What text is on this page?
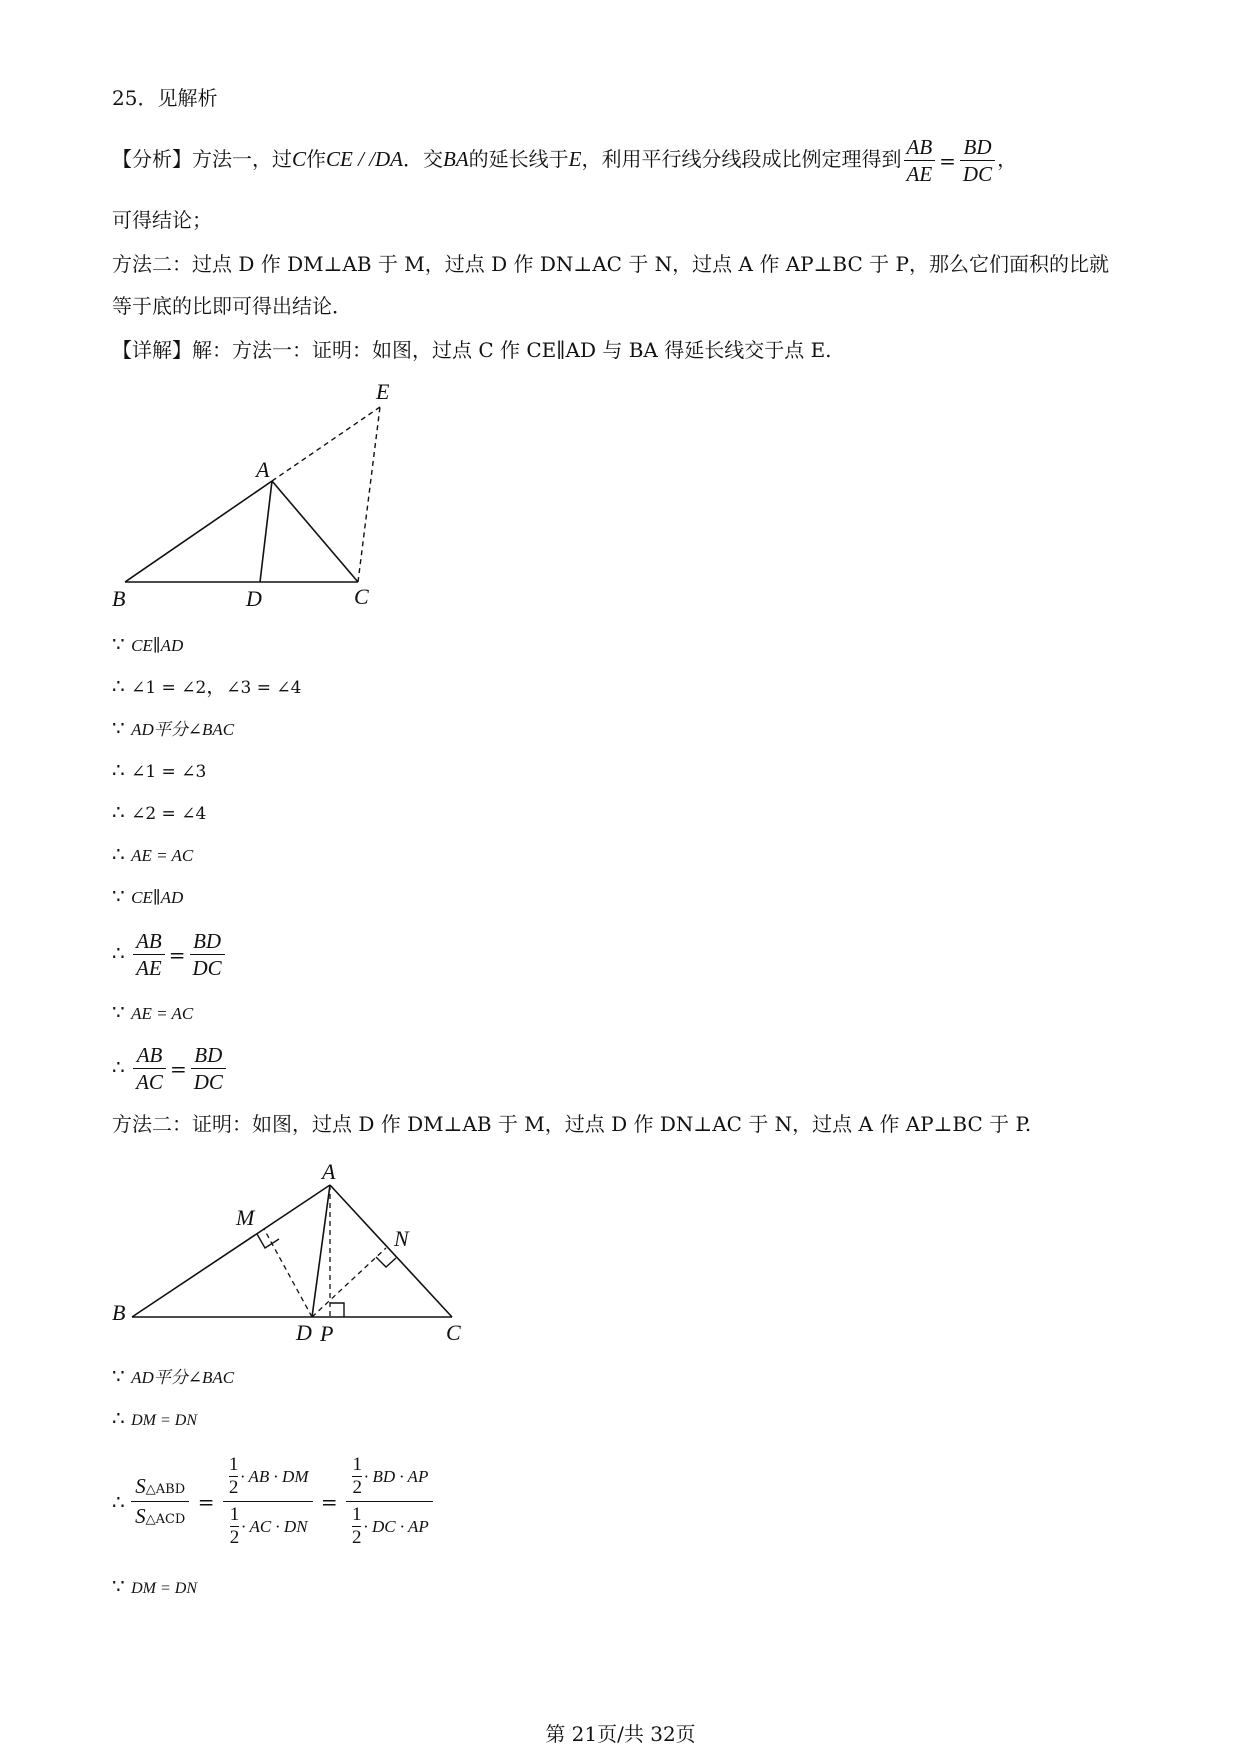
25．见解析
【分析】方法一，过C作CE / /DA．交BA的延长线于E，利用平行线分线段成比例定理得到 $\frac{AB}{AE} = \frac{BD}{DC}$ ，
可得结论；
方法二：过点 D 作 DM⊥AB 于 M，过点 D 作 DN⊥AC 于 N，过点 A 作 AP⊥BC 于 P，那么它们面积的比就
等于底的比即可得出结论．
【详解】解：方法一：证明：如图，过点 C 作 CE∥AD 与 BA 得延长线交于点 E.
E
A
B	D	C
∵ CE∥AD
∴ ∠1 = ∠2，∠3 = ∠4
∵ AD平分∠BAC
∴ ∠1 = ∠3
∴ ∠2 = ∠4
∴ AE = AC
∵ CE∥AD
∴ $\frac{AB}{AE} = \frac{BD}{DC}$
∵ AE = AC
∴ $\frac{AB}{AC} = \frac{BD}{DC}$
方法二：证明：如图，过点 D 作 DM⊥AB 于 M，过点 D 作 DN⊥AC 于 N，过点 A 作 AP⊥BC 于 P.
A
M
N
B
D P	C
∵ AD平分∠BAC
∴ DM = DN
∴
S△ABD
S△ACD
= $\frac{\frac{1}{2} \cdot AB \cdot DM}{\frac{1}{2} \cdot AC \cdot DN} = \frac{\frac{1}{2} \cdot BD \cdot AP}{\frac{1}{2} \cdot DC \cdot AP}$
∵ DM = DN
第 21页/共 32页
